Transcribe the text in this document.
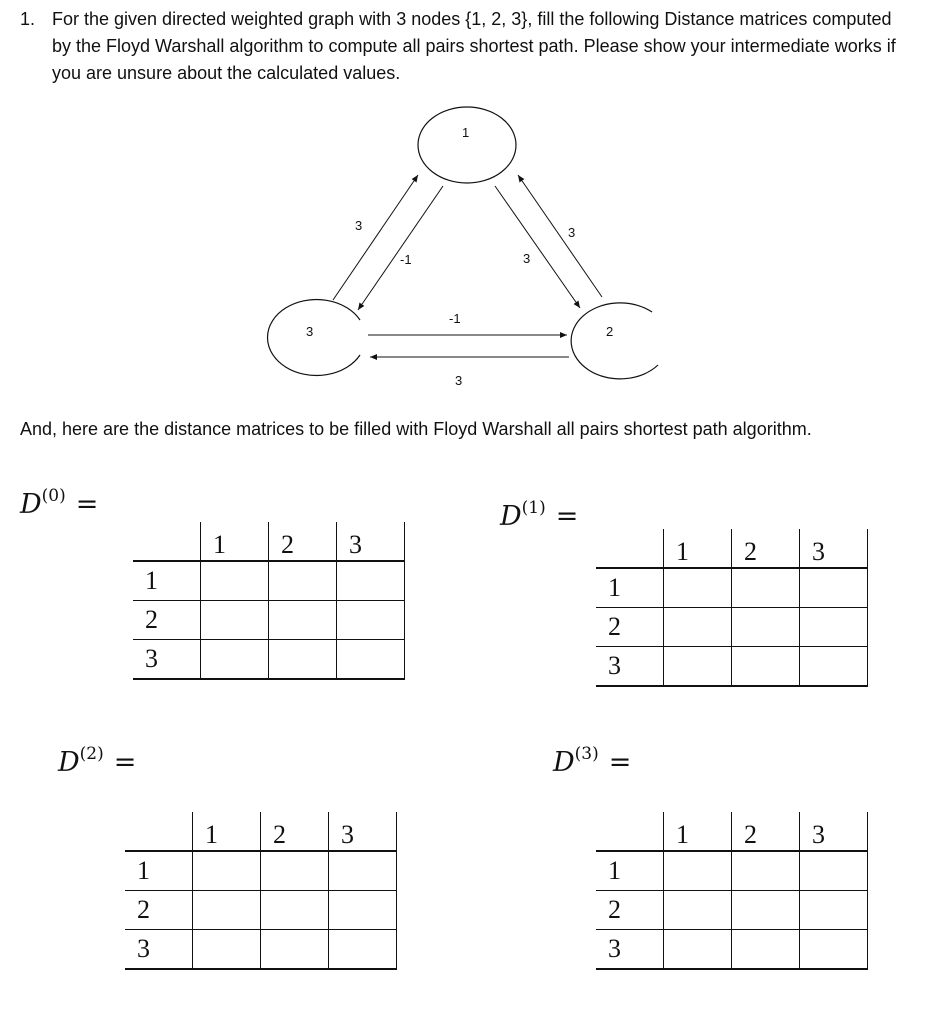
1. For the given directed weighted graph with 3 nodes {1, 2, 3}, fill the following Distance matrices computed by the Floyd Warshall algorithm to compute all pairs shortest path. Please show your intermediate works if you are unsure about the calculated values.
1
3	2
3
-1	3
3
-1
3
And, here are the distance matrices to be filled with Floyd Warshall all pairs shortest path algorithm.
$D^{(0)}$ =
	1	2	3
1			
2			
3			
$D^{(1)}$ =
	1	2	3
1			
2			
3			
$D^{(2)}$ =
	1	2	3
1			
2			
3			
$D^{(3)}$ =
	1	2	3
1			
2			
3			
